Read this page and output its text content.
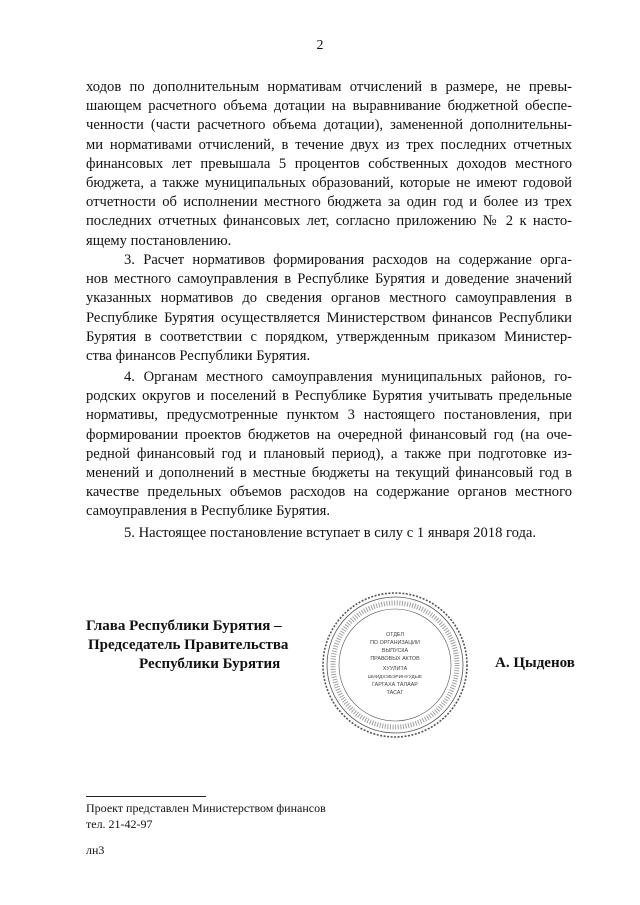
2
ходов по дополнительным нормативам отчислений в размере, не превы-
шающем расчетного объема дотации на выравнивание бюджетной обеспе-
ченности (части расчетного объема дотации), замененной дополнительны-
ми нормативами отчислений, в течение двух из трех последних отчетных
финансовых лет превышала 5 процентов собственных доходов местного
бюджета, а также муниципальных образований, которые не имеют годовой
отчетности об исполнении местного бюджета за один год и более из трех
последних отчетных финансовых лет, согласно приложению № 2 к насто-
ящему постановлению.
3. Расчет нормативов формирования расходов на содержание орга-
нов местного самоуправления в Республике Бурятия и доведение значений
указанных нормативов до сведения органов местного самоуправления в
Республике Бурятия осуществляется Министерством финансов Республики
Бурятия в соответствии с порядком, утвержденным приказом Министер-
ства финансов Республики Бурятия.
4. Органам местного самоуправления муниципальных районов, го-
родских округов и поселений в Республике Бурятия учитывать предельные
нормативы, предусмотренные пунктом 3 настоящего постановления, при
формировании проектов бюджетов на очередной финансовый год (на оче-
редной финансовый год и плановый период), а также при подготовке из-
менений и дополнений в местные бюджеты на текущий финансовый год в
качестве предельных объемов расходов на содержание органов местного
самоуправления в Республике Бурятия.
5. Настоящее постановление вступает в силу с 1 января 2018 года.
Глава Республики Бурятия –
Председатель Правительства
Республики Бурятия
ОТДЕЛ
ПО ОРГАНИЗАЦИИ
ВЫПУСКА
ПРАВОВЫХ АКТОВ
ХУУЛИТА
ШИИДХЭБЭРИНУУДЫЕ
ГАРГАХА ТАЛААР
ТАСАГ
А. Цыденов
Проект представлен Министерством финансов
тел. 21-42-97
лн3
